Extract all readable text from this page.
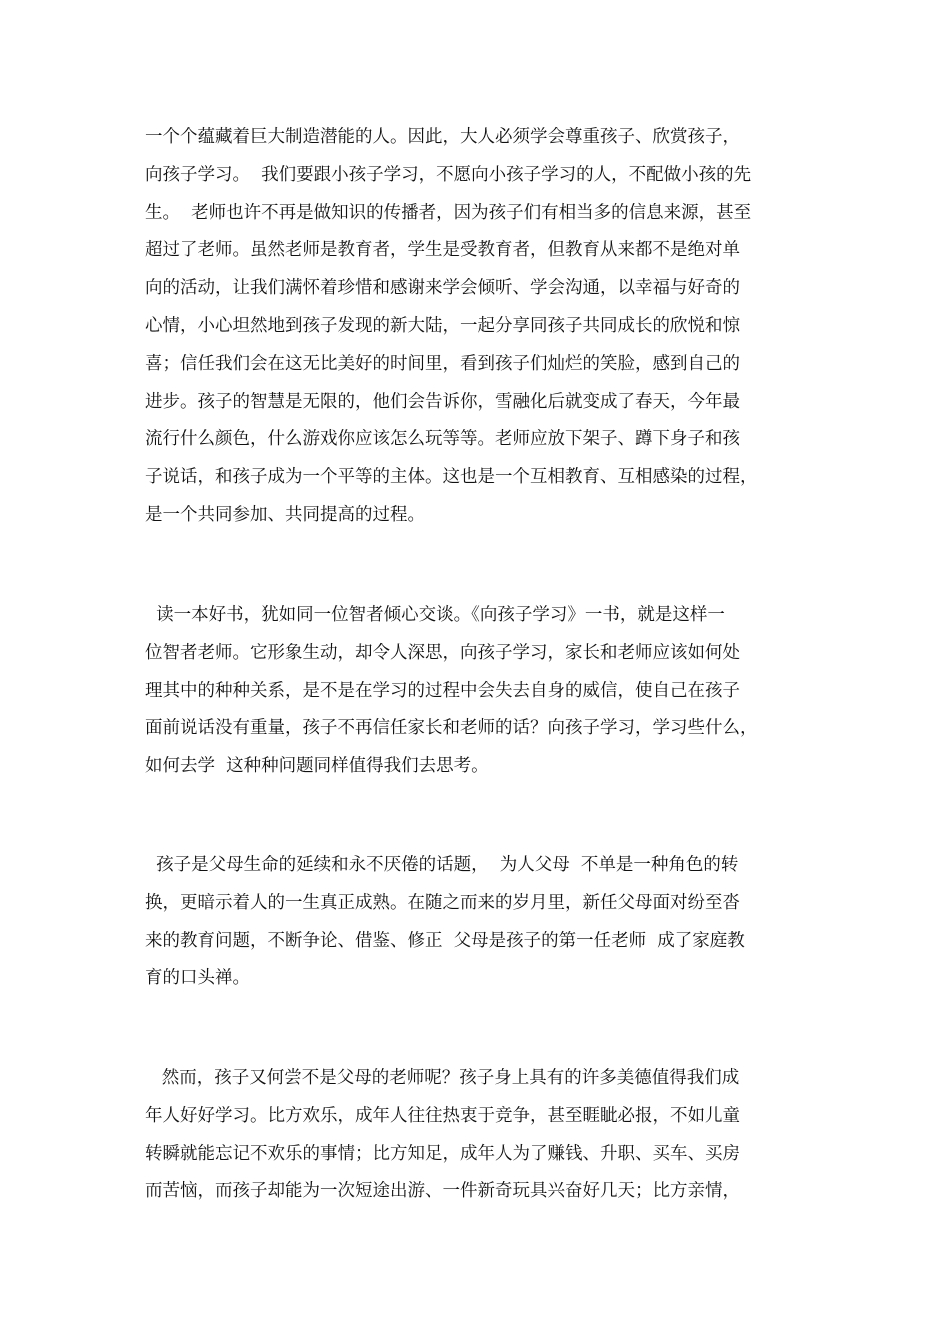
一个个蕴藏着巨大制造潜能的人。因此，大人必须学会尊重孩子、欣赏孩子，
向孩子学习。  我们要跟小孩子学习，不愿向小孩子学习的人，不配做小孩的先
生。  老师也许不再是做知识的传播者，因为孩子们有相当多的信息来源，甚至
超过了老师。虽然老师是教育者，学生是受教育者，但教育从来都不是绝对单
向的活动，让我们满怀着珍惜和感谢来学会倾听、学会沟通，以幸福与好奇的
心情，小心坦然地到孩子发现的新大陆，一起分享同孩子共同成长的欣悦和惊
喜；信任我们会在这无比美好的时间里，看到孩子们灿烂的笑脸，感到自己的
进步。孩子的智慧是无限的，他们会告诉你，雪融化后就变成了春天，今年最
流行什么颜色，什么游戏你应该怎么玩等等。老师应放下架子、蹲下身子和孩
子说话，和孩子成为一个平等的主体。这也是一个互相教育、互相感染的过程，
是一个共同参加、共同提高的过程。

读一本好书，犹如同一位智者倾心交谈。《向孩子学习》一书，就是这样一
位智者老师。它形象生动，却令人深思，向孩子学习，家长和老师应该如何处
理其中的种种关系，是不是在学习的过程中会失去自身的威信，使自己在孩子
面前说话没有重量，孩子不再信任家长和老师的话？向孩子学习，学习些什么，
如何去学  这种种问题同样值得我们去思考。

孩子是父母生命的延续和永不厌倦的话题，  为人父母  不单是一种角色的转
换，更暗示着人的一生真正成熟。在随之而来的岁月里，新任父母面对纷至沓
来的教育问题，不断争论、借鉴、修正  父母是孩子的第一任老师  成了家庭教
育的口头禅。

然而，孩子又何尝不是父母的老师呢？孩子身上具有的许多美德值得我们成
年人好好学习。比方欢乐，成年人往往热衷于竞争，甚至睚眦必报，不如儿童
转瞬就能忘记不欢乐的事情；比方知足，成年人为了赚钱、升职、买车、买房
而苦恼，而孩子却能为一次短途出游、一件新奇玩具兴奋好几天；比方亲情，
